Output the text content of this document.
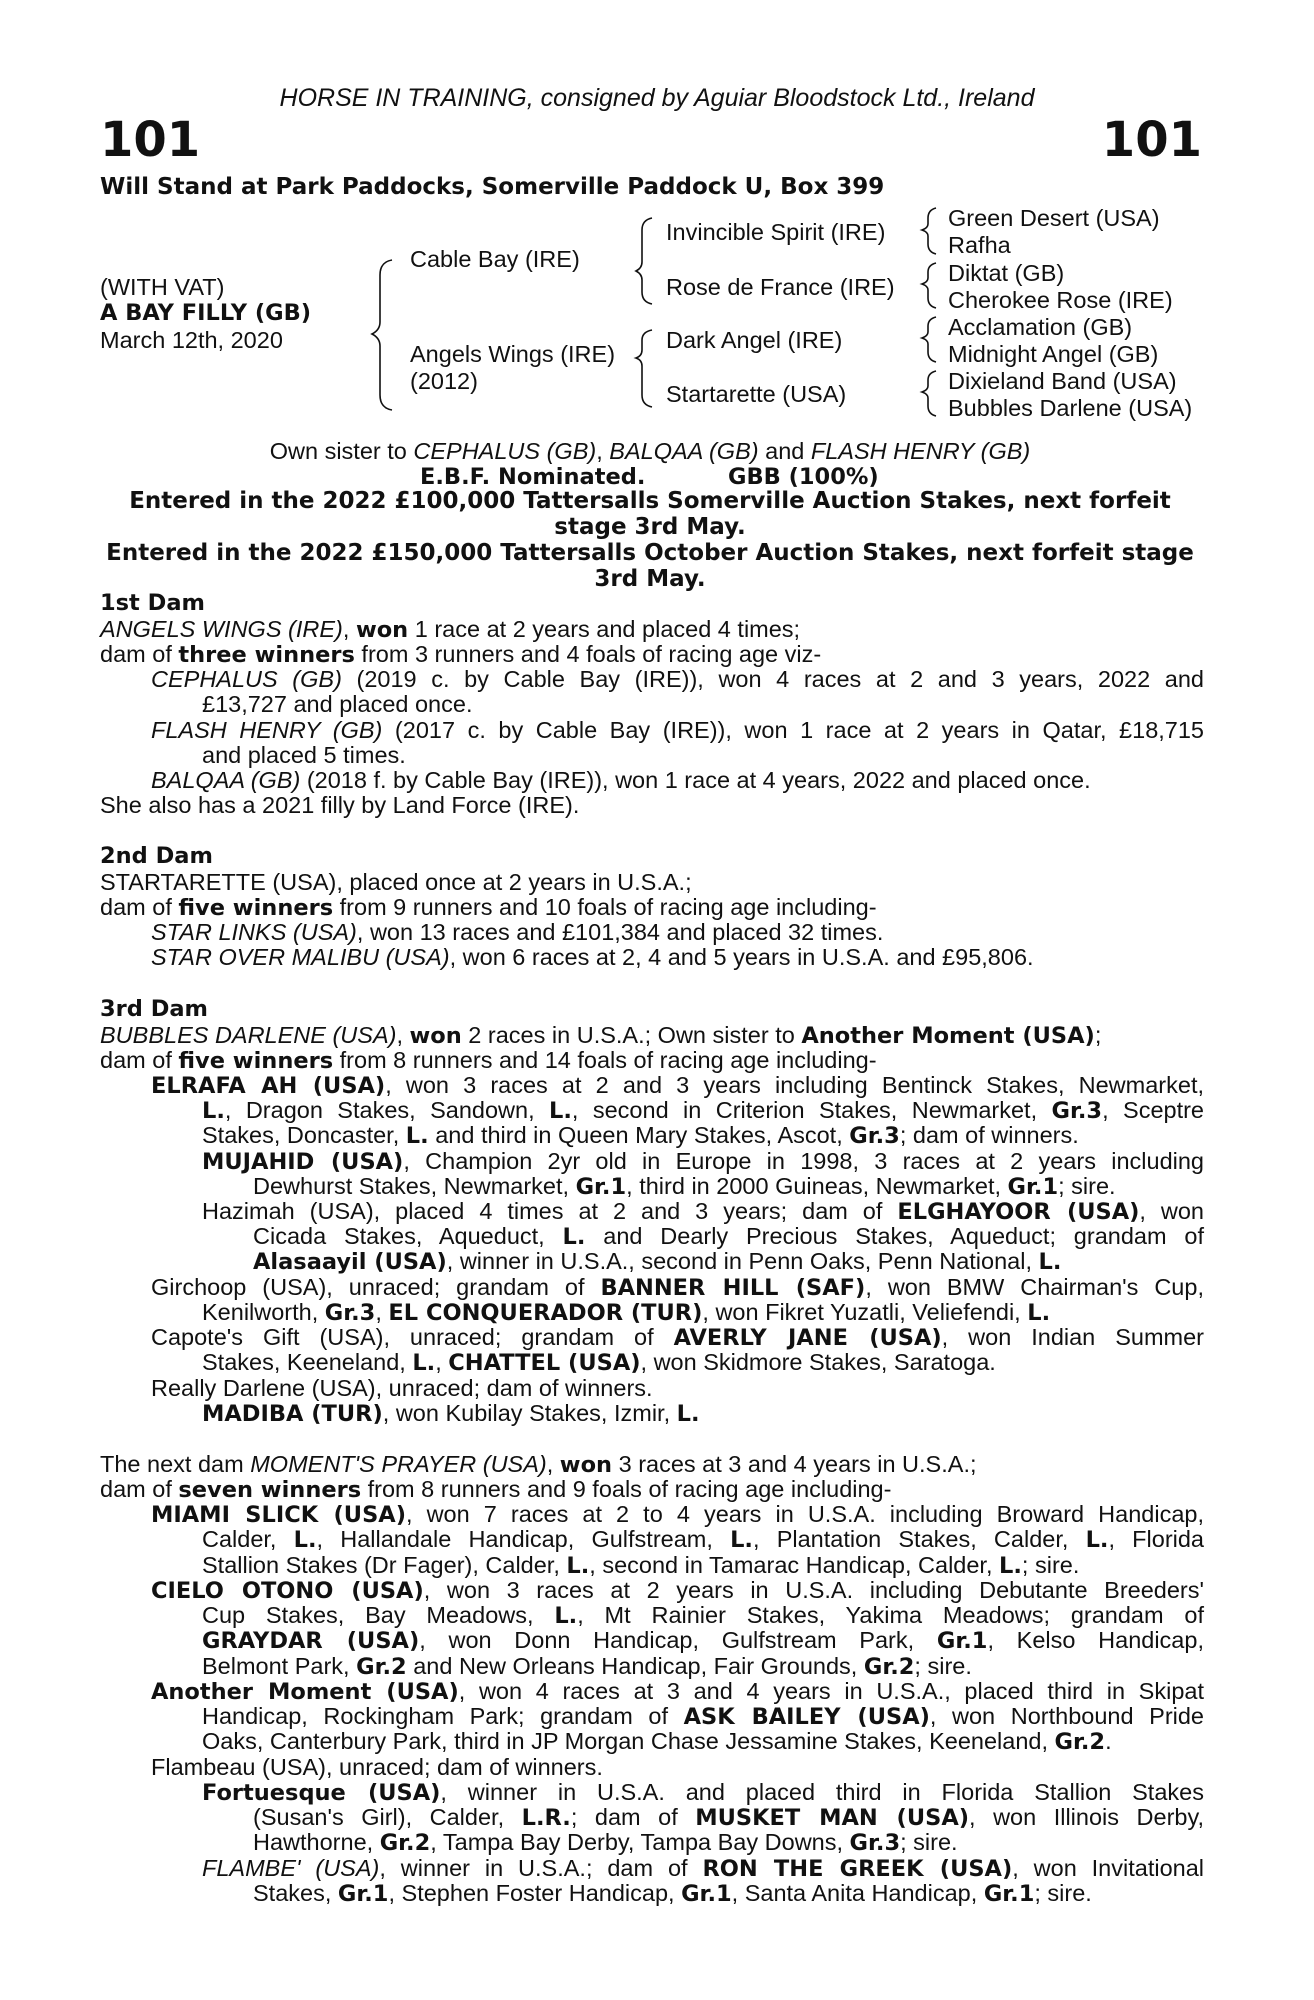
HORSE IN TRAINING, consigned by Aguiar Bloodstock Ltd., Ireland
101	101
Will Stand at Park Paddocks, Somerville Paddock U, Box 399
(WITH VAT)
A BAY FILLY (GB)
March 12th, 2020
Cable Bay (IRE)
Angels Wings (IRE)
(2012)
Invincible Spirit (IRE)
Rose de France (IRE)
Dark Angel (IRE)
Startarette (USA)
Green Desert (USA)
Rafha
Diktat (GB)
Cherokee Rose (IRE)
Acclamation (GB)
Midnight Angel (GB)
Dixieland Band (USA)
Bubbles Darlene (USA)
Own sister to CEPHALUS (GB), BALQAA (GB) and FLASH HENRY (GB)
E.B.F. Nominated.	GBB (100%)
Entered in the 2022 £100,000 Tattersalls Somerville Auction Stakes, next forfeit stage 3rd May.
Entered in the 2022 £150,000 Tattersalls October Auction Stakes, next forfeit stage 3rd May.
1st Dam
ANGELS WINGS (IRE), won 1 race at 2 years and placed 4 times;
dam of three winners from 3 runners and 4 foals of racing age viz-
CEPHALUS (GB) (2019 c. by Cable Bay (IRE)), won 4 races at 2 and 3 years, 2022 and
£13,727 and placed once.
FLASH HENRY (GB) (2017 c. by Cable Bay (IRE)), won 1 race at 2 years in Qatar, £18,715
and placed 5 times.
BALQAA (GB) (2018 f. by Cable Bay (IRE)), won 1 race at 4 years, 2022 and placed once.
She also has a 2021 filly by Land Force (IRE).
2nd Dam
STARTARETTE (USA), placed once at 2 years in U.S.A.;
dam of five winners from 9 runners and 10 foals of racing age including-
STAR LINKS (USA), won 13 races and £101,384 and placed 32 times.
STAR OVER MALIBU (USA), won 6 races at 2, 4 and 5 years in U.S.A. and £95,806.
3rd Dam
BUBBLES DARLENE (USA), won 2 races in U.S.A.; Own sister to Another Moment (USA);
dam of five winners from 8 runners and 14 foals of racing age including-
ELRAFA AH (USA), won 3 races at 2 and 3 years including Bentinck Stakes, Newmarket,
L., Dragon Stakes, Sandown, L., second in Criterion Stakes, Newmarket, Gr.3, Sceptre
Stakes, Doncaster, L. and third in Queen Mary Stakes, Ascot, Gr.3; dam of winners.
MUJAHID (USA), Champion 2yr old in Europe in 1998, 3 races at 2 years including
Dewhurst Stakes, Newmarket, Gr.1, third in 2000 Guineas, Newmarket, Gr.1; sire.
Hazimah (USA), placed 4 times at 2 and 3 years; dam of ELGHAYOOR (USA), won
Cicada Stakes, Aqueduct, L. and Dearly Precious Stakes, Aqueduct; grandam of
Alasaayil (USA), winner in U.S.A., second in Penn Oaks, Penn National, L.
Girchoop (USA), unraced; grandam of BANNER HILL (SAF), won BMW Chairman's Cup,
Kenilworth, Gr.3, EL CONQUERADOR (TUR), won Fikret Yuzatli, Veliefendi, L.
Capote's Gift (USA), unraced; grandam of AVERLY JANE (USA), won Indian Summer
Stakes, Keeneland, L., CHATTEL (USA), won Skidmore Stakes, Saratoga.
Really Darlene (USA), unraced; dam of winners.
MADIBA (TUR), won Kubilay Stakes, Izmir, L.
The next dam MOMENT'S PRAYER (USA), won 3 races at 3 and 4 years in U.S.A.;
dam of seven winners from 8 runners and 9 foals of racing age including-
MIAMI SLICK (USA), won 7 races at 2 to 4 years in U.S.A. including Broward Handicap,
Calder, L., Hallandale Handicap, Gulfstream, L., Plantation Stakes, Calder, L., Florida
Stallion Stakes (Dr Fager), Calder, L., second in Tamarac Handicap, Calder, L.; sire.
CIELO OTONO (USA), won 3 races at 2 years in U.S.A. including Debutante Breeders'
Cup Stakes, Bay Meadows, L., Mt Rainier Stakes, Yakima Meadows; grandam of
GRAYDAR (USA), won Donn Handicap, Gulfstream Park, Gr.1, Kelso Handicap,
Belmont Park, Gr.2 and New Orleans Handicap, Fair Grounds, Gr.2; sire.
Another Moment (USA), won 4 races at 3 and 4 years in U.S.A., placed third in Skipat
Handicap, Rockingham Park; grandam of ASK BAILEY (USA), won Northbound Pride
Oaks, Canterbury Park, third in JP Morgan Chase Jessamine Stakes, Keeneland, Gr.2.
Flambeau (USA), unraced; dam of winners.
Fortuesque (USA), winner in U.S.A. and placed third in Florida Stallion Stakes
(Susan's Girl), Calder, L.R.; dam of MUSKET MAN (USA), won Illinois Derby,
Hawthorne, Gr.2, Tampa Bay Derby, Tampa Bay Downs, Gr.3; sire.
FLAMBE' (USA), winner in U.S.A.; dam of RON THE GREEK (USA), won Invitational
Stakes, Gr.1, Stephen Foster Handicap, Gr.1, Santa Anita Handicap, Gr.1; sire.
